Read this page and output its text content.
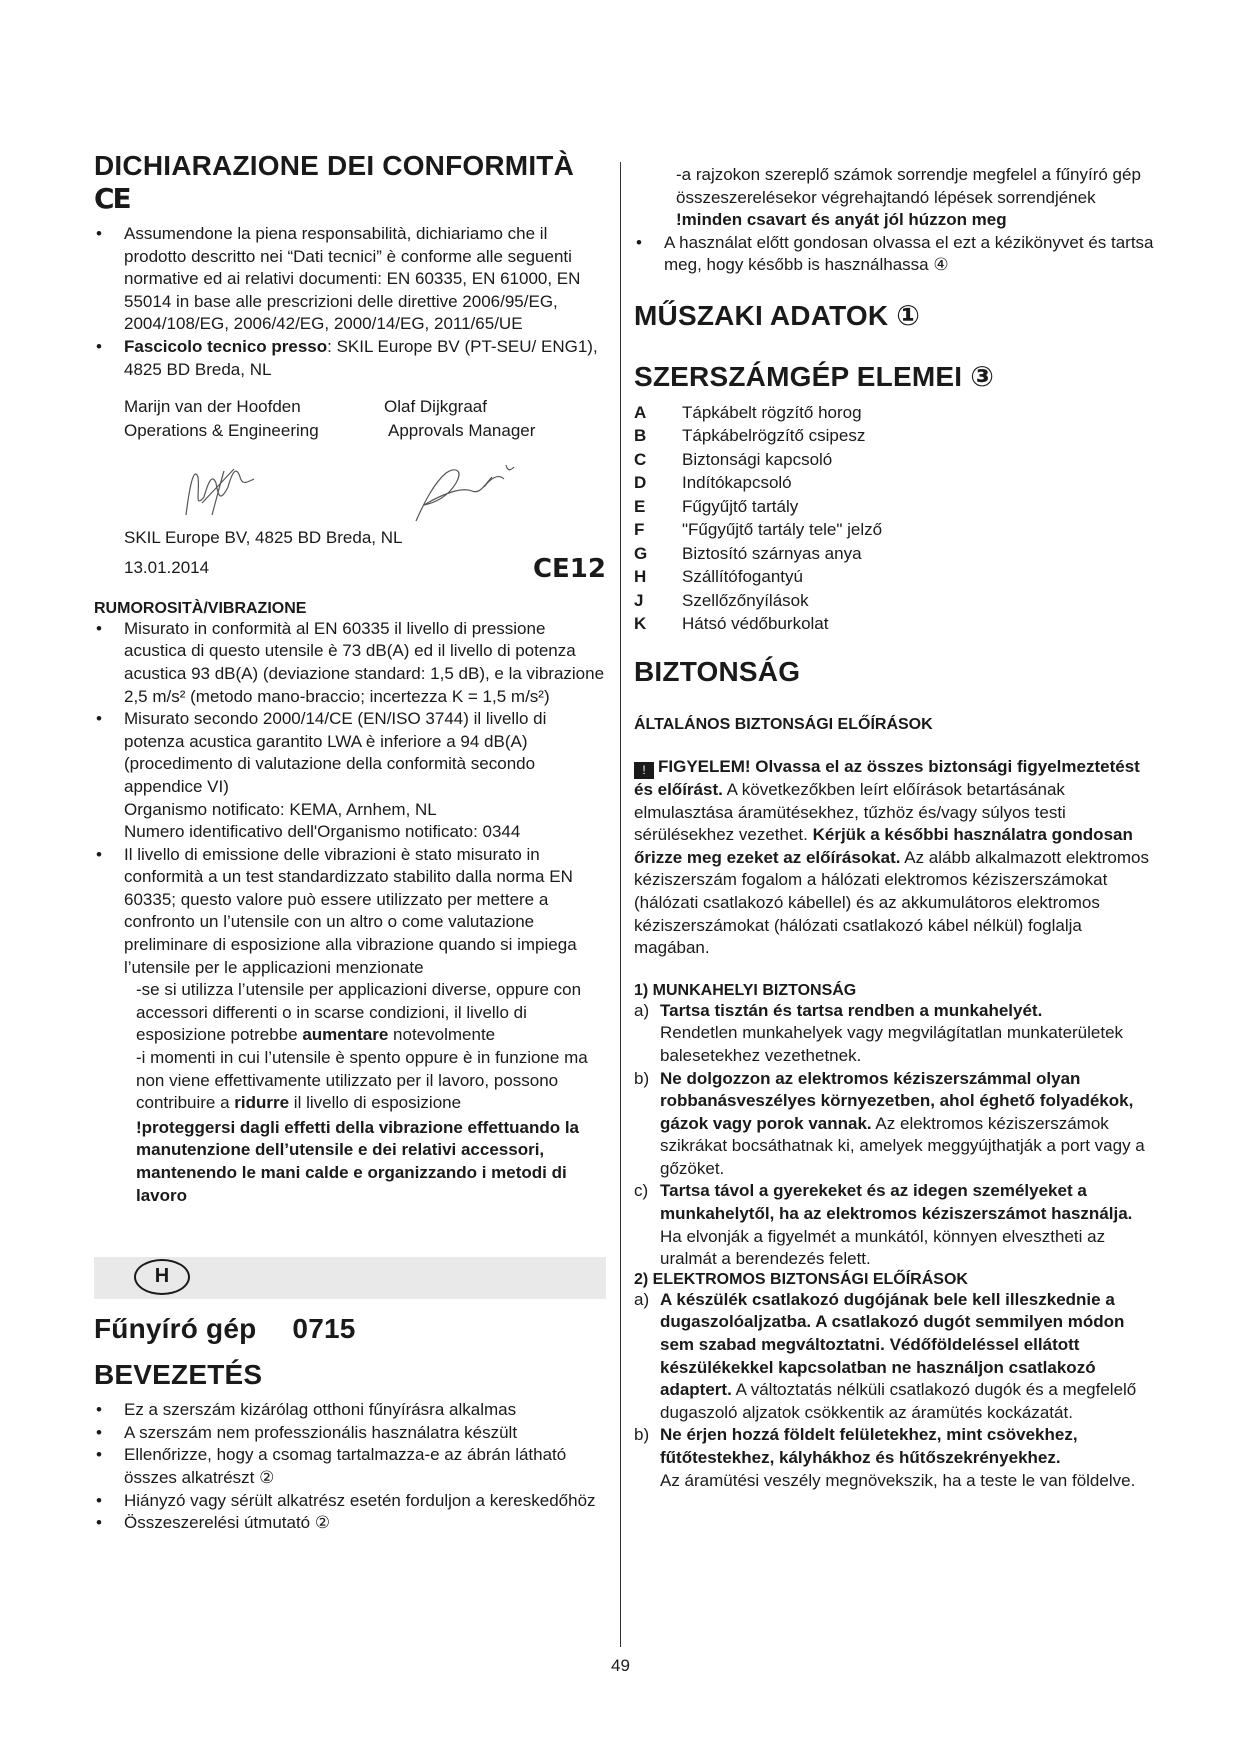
DICHIARAZIONE DEI CONFORMITÀ CE
• Assumendone la piena responsabilità, dichiariamo che il prodotto descritto nei “Dati tecnici” è conforme alle seguenti normative ed ai relativi documenti: EN 60335, EN 61000, EN 55014 in base alle prescrizioni delle direttive 2006/95/EG, 2004/108/EG, 2006/42/EG, 2000/14/EG, 2011/65/UE
• Fascicolo tecnico presso: SKIL Europe BV (PT-SEU/ ENG1), 4825 BD Breda, NL
Marijn van der Hoofden	Olaf Dijkgraaf
Operations & Engineering	Approvals Manager

SKIL Europe BV, 4825 BD Breda, NL

13.01.2014	CE12

RUMOROSITÀ/VIBRAZIONE

• Misurato in conformità al EN 60335 il livello di pressione acustica di questo utensile è 73 dB(A) ed il livello di potenza acustica 93 dB(A) (deviazione standard: 1,5 dB), e la vibrazione 2,5 m/s² (metodo mano-braccio; incertezza K = 1,5 m/s²)
• Misurato secondo 2000/14/CE (EN/ISO 3744) il livello di potenza acustica garantito LWA è inferiore a 94 dB(A) (procedimento di valutazione della conformità secondo appendice VI)
Organismo notificato: KEMA, Arnhem, NL
Numero identificativo dell'Organismo notificato: 0344
• Il livello di emissione delle vibrazioni è stato misurato in conformità a un test standardizzato stabilito dalla norma EN 60335; questo valore può essere utilizzato per mettere a confronto un l’utensile con un altro o come valutazione preliminare di esposizione alla vibrazione quando si impiega l’utensile per le applicazioni menzionate

-se si utilizza l’utensile per applicazioni diverse, oppure con accessori differenti o in scarse condizioni, il livello di esposizione potrebbe aumentare notevolmente

-i momenti in cui l’utensile è spento oppure è in funzione ma non viene effettivamente utilizzato per il lavoro, possono contribuire a ridurre il livello di esposizione

!proteggersi dagli effetti della vibrazione effettuando la manutenzione dell’utensile e dei relativi accessori, mantenendo le mani calde e organizzando i metodi di lavoro

H
Fűnyíró gép 0715
BEVEZETÉS
• Ez a szerszám kizárólag otthoni fűnyírásra alkalmas
• A szerszám nem professzionális használatra készült
• Ellenőrizze, hogy a csomag tartalmazza-e az ábrán látható összes alkatrészt ②
• Hiányzó vagy sérült alkatrész esetén forduljon a kereskedőhöz
• Összeszerelési útmutató ②

-a rajzokon szereplő számok sorrendje megfelel a fűnyíró gép összeszerelésekor végrehajtandó lépések sorrendjének

!minden csavart és anyát jól húzzon meg

• A használat előtt gondosan olvassa el ezt a kézikönyvet és tartsa meg, hogy később is használhassa ④
MŰSZAKI ADATOK ①
SZERSZÁMGÉP ELEMEI ③
A	Tápkábelt rögzítő horog
B	Tápkábelrögzítő csipesz
C	Biztonsági kapcsoló
D	Indítókapcsoló
E	Fűgyűjtő tartály
F	"Fűgyűjtő tartály tele" jelző
G	Biztosító szárnyas anya
H	Szállítófogantyú
J	Szellőzőnyílások
K	Hátsó védőburkolat
BIZTONSÁG

ÁLTALÁNOS BIZTONSÁGI ELŐÍRÁSOK

! FIGYELEM! Olvassa el az összes biztonsági figyelmeztetést és előírást. A következőkben leírt előírások betartásának elmulasztása áramütésekhez, tűzhöz és/vagy súlyos testi sérülésekhez vezethet. Kérjük a későbbi használatra gondosan őrizze meg ezeket az előírásokat. Az alább alkalmazott elektromos kéziszerszám fogalom a hálózati elektromos kéziszerszámokat (hálózati csatlakozó kábellel) és az akkumulátoros elektromos kéziszerszámokat (hálózati csatlakozó kábel nélkül) foglalja magában.

1) MUNKAHELYI BIZTONSÁG

a) Tartsa tisztán és tartsa rendben a munkahelyét.
Rendetlen munkahelyek vagy megvilágítatlan munkaterületek balesetekhez vezethetnek.
b) Ne dolgozzon az elektromos kéziszerszámmal olyan robbanásveszélyes környezetben, ahol éghető folyadékok, gázok vagy porok vannak. Az elektromos kéziszerszámok szikrákat bocsáthatnak ki, amelyek meggyújthatják a port vagy a gőzöket.
c) Tartsa távol a gyerekeket és az idegen személyeket a munkahelytől, ha az elektromos kéziszerszámot használja. Ha elvonják a figyelmét a munkától, könnyen elvesztheti az uralmát a berendezés felett.

2) ELEKTROMOS BIZTONSÁGI ELŐÍRÁSOK

a) A készülék csatlakozó dugójának bele kell illeszkednie a dugaszolóaljzatba. A csatlakozó dugót semmilyen módon sem szabad megváltoztatni. Védőföldeléssel ellátott készülékekkel kapcsolatban ne használjon csatlakozó adaptert. A változtatás nélküli csatlakozó dugók és a megfelelő dugaszoló aljzatok csökkentik az áramütés kockázatát.
b) Ne érjen hozzá földelt felületekhez, mint csövekhez, fűtőtestekhez, kályhákhoz és hűtőszekrényekhez.
Az áramütési veszély megnövekszik, ha a teste le van földelve.
49
